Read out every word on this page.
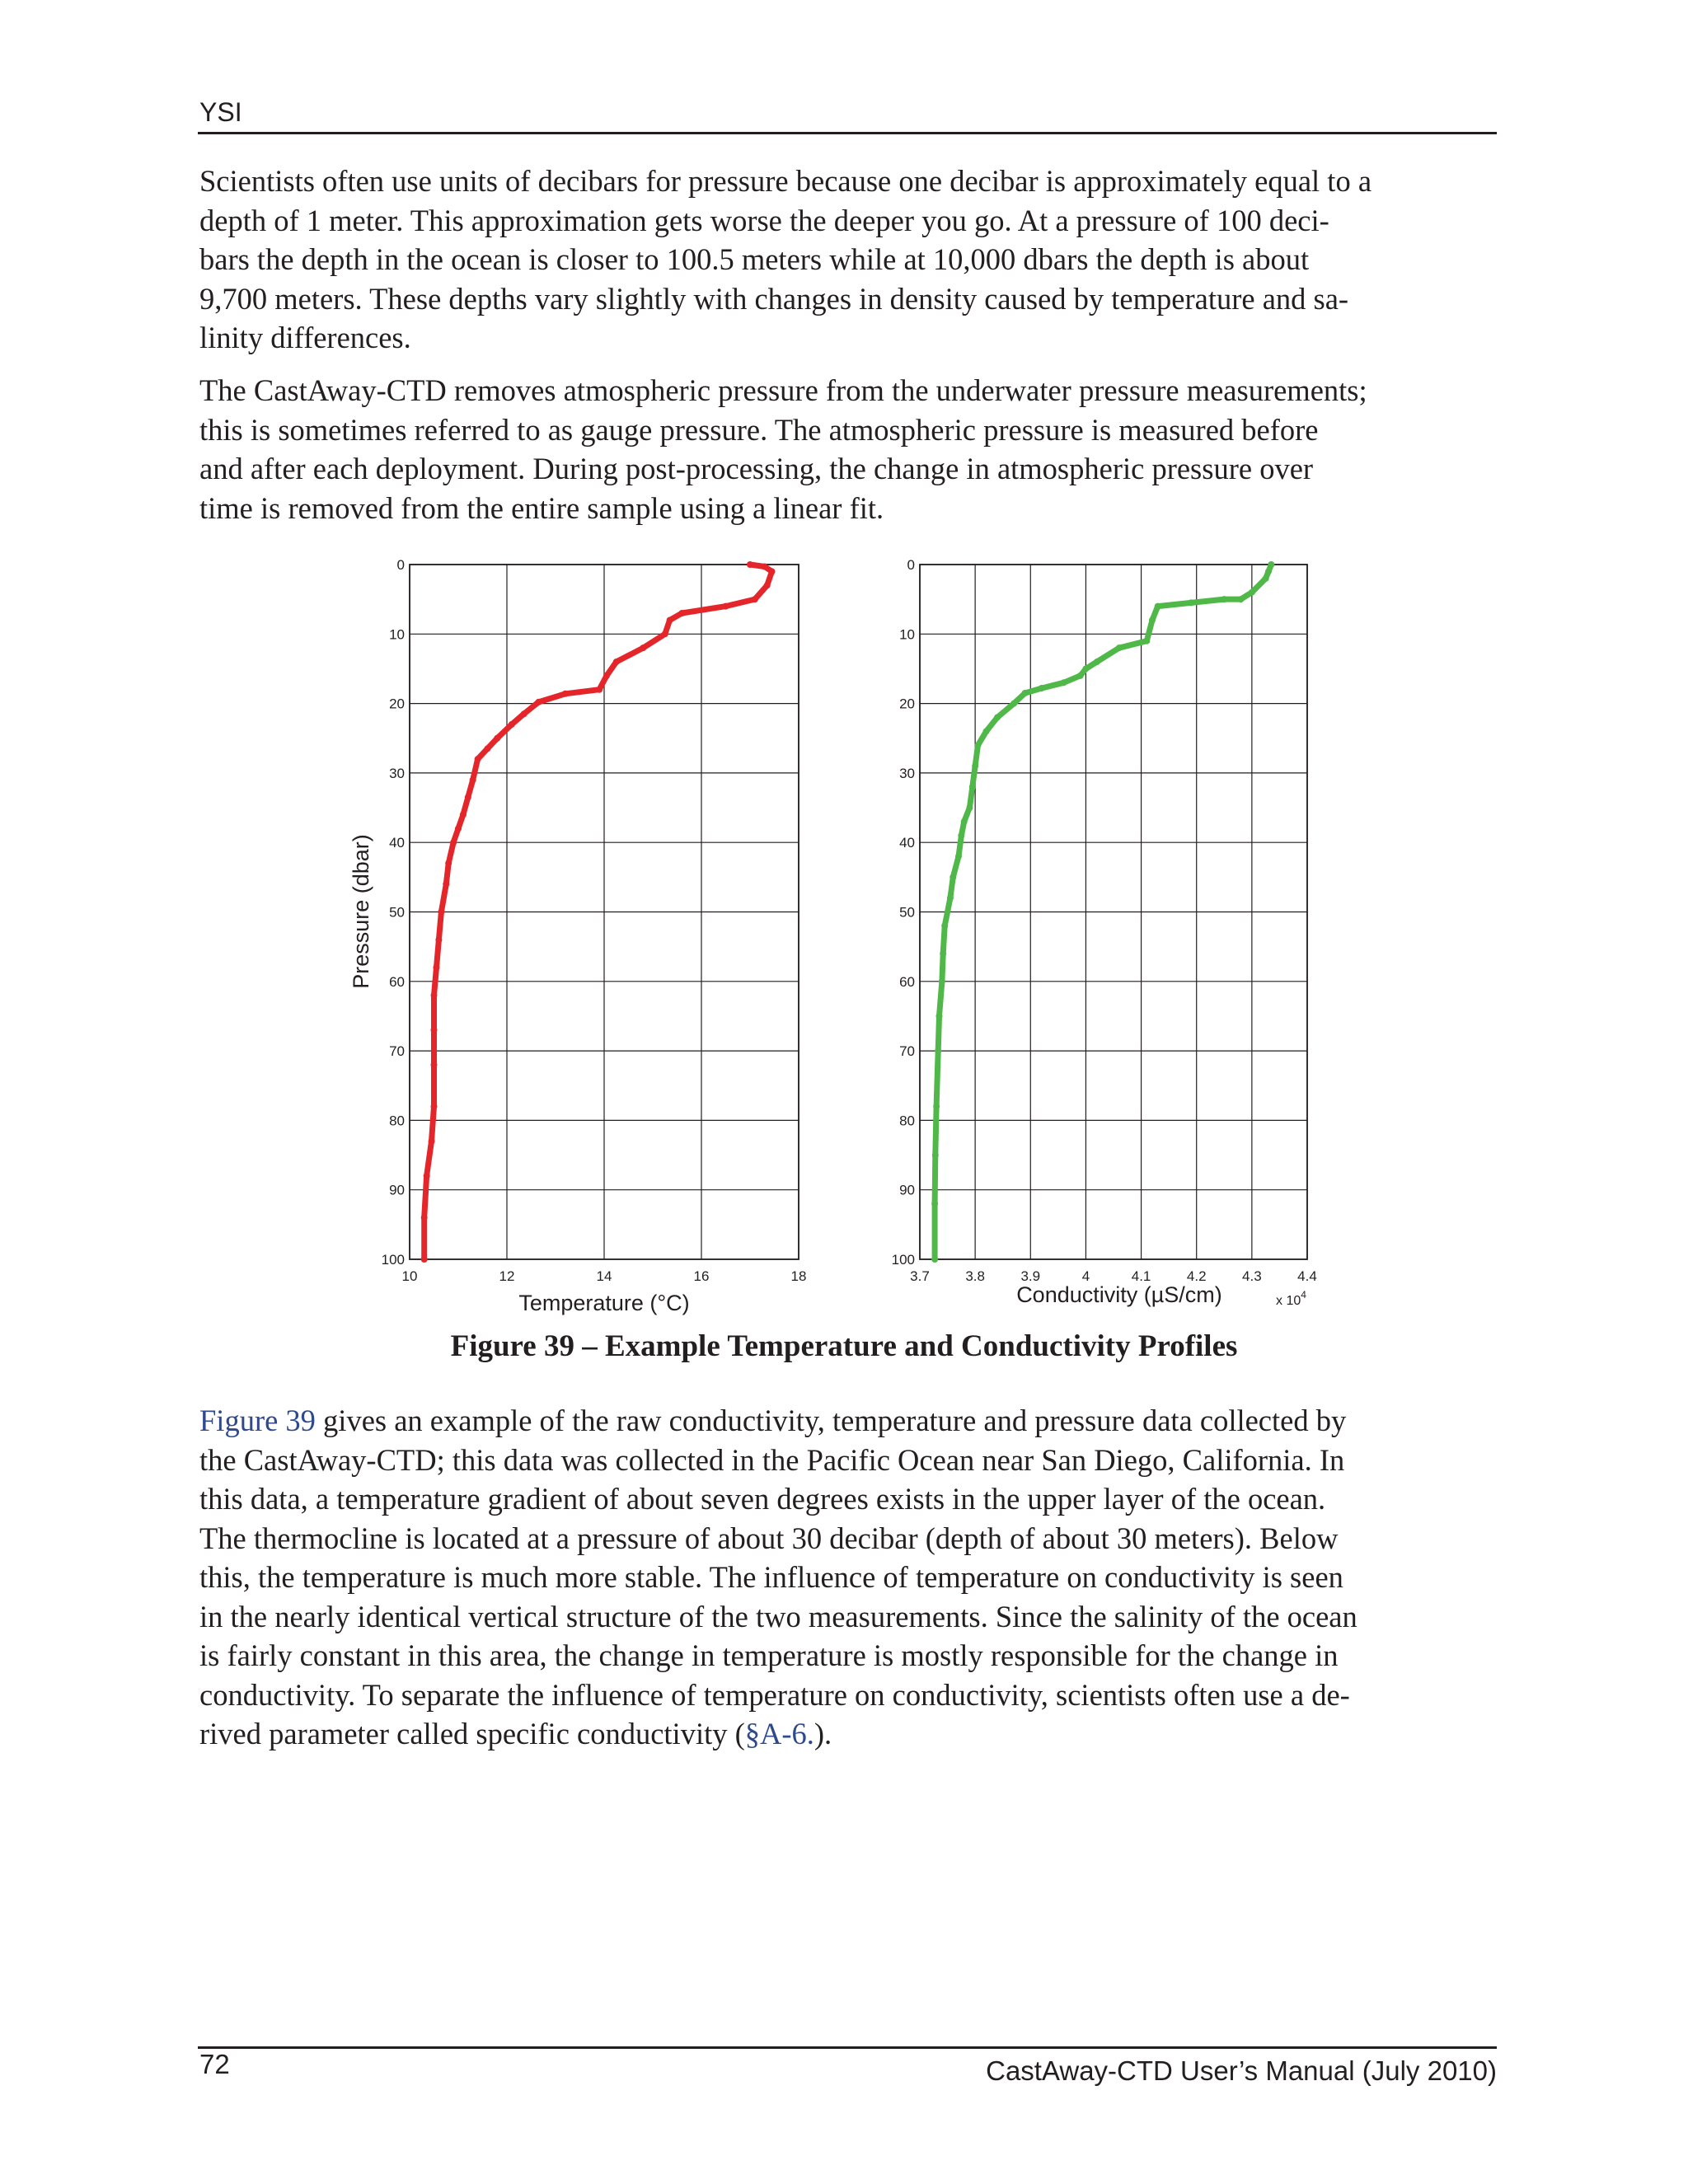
YSI
Scientists often use units of decibars for pressure because one decibar is approximately equal to a
depth of 1 meter. This approximation gets worse the deeper you go. At a pressure of 100 deci-
bars the depth in the ocean is closer to 100.5 meters while at 10,000 dbars the depth is about
9,700 meters. These depths vary slightly with changes in density caused by temperature and sa-
linity differences.
The CastAway-CTD removes atmospheric pressure from the underwater pressure measurements;
this is sometimes referred to as gauge pressure. The atmospheric pressure is measured before
and after each deployment. During post-processing, the change in atmospheric pressure over
time is removed from the entire sample using a linear fit.
10	12	14	16	18
0
10
20
30
40
50
60
70
80
90
100
Pressure (dbar)
Temperature (°C)
3.7	3.8	3.9	4	4.1	4.2	4.3	4.4
0
10
20
30
40
50
60
70
80
90
100
Conductivity (µS/cm)	x $10^4$
Figure 39 – Example Temperature and Conductivity Profiles
Figure 39 gives an example of the raw conductivity, temperature and pressure data collected by
the CastAway-CTD; this data was collected in the Pacific Ocean near San Diego, California. In
this data, a temperature gradient of about seven degrees exists in the upper layer of the ocean.
The thermocline is located at a pressure of about 30 decibar (depth of about 30 meters). Below
this, the temperature is much more stable. The influence of temperature on conductivity is seen
in the nearly identical vertical structure of the two measurements. Since the salinity of the ocean
is fairly constant in this area, the change in temperature is mostly responsible for the change in
conductivity. To separate the influence of temperature on conductivity, scientists often use a de-
rived parameter called specific conductivity (§A-6.).
72	CastAway-CTD User’s Manual (July 2010)
